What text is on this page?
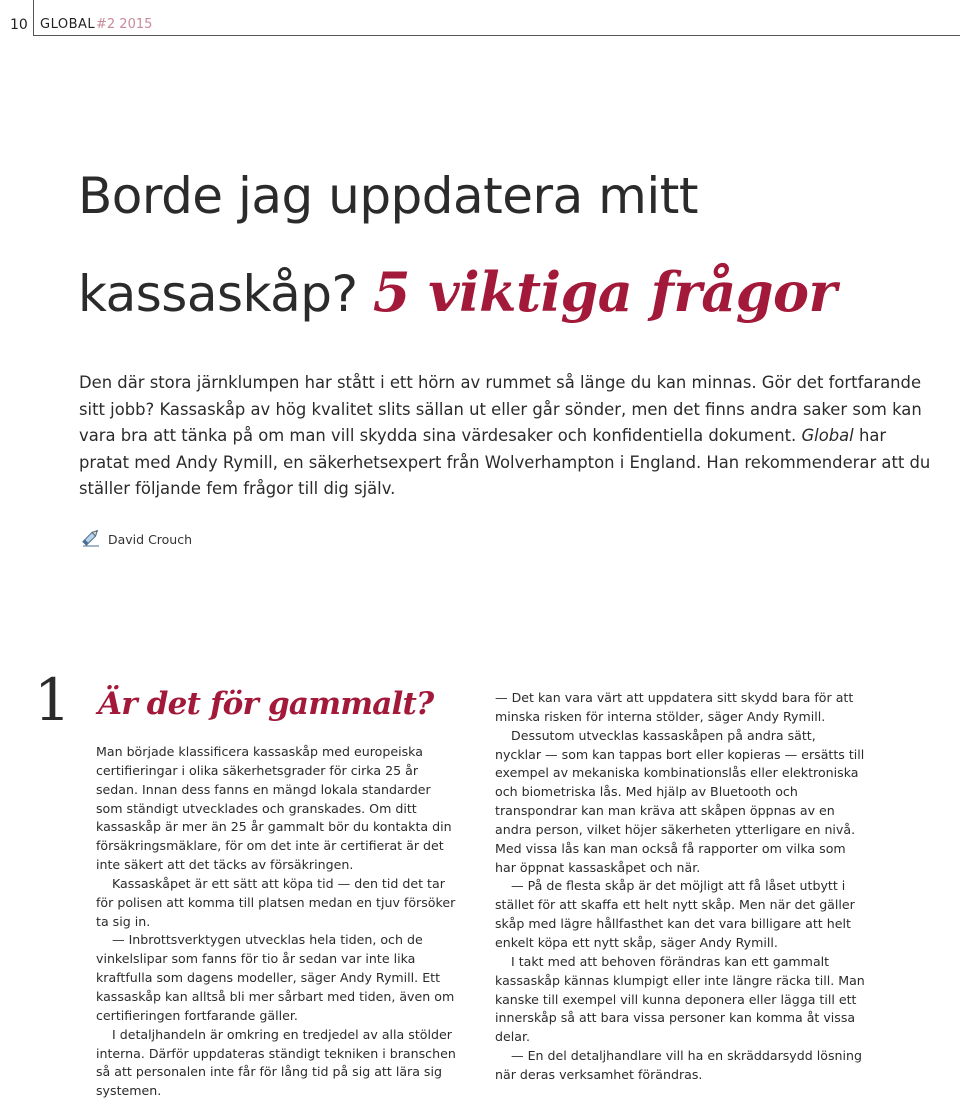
10 GLOBAL #2 2015
Borde jag uppdatera mitt kassaskåp? 5 viktiga frågor

Den där stora järnklumpen har stått i ett hörn av rummet så länge du kan minnas. Gör det fortfarande sitt jobb? Kassaskåp av hög kvalitet slits sällan ut eller går sönder, men det finns andra saker som kan vara bra att tänka på om man vill skydda sina värdesaker och konfidentiella dokument. Global har pratat med Andy Rymill, en säkerhetsexpert från Wolverhampton i England. Han rekommenderar att du ställer följande fem frågor till dig själv.

David Crouch
1 Är det för gammalt?

Man började klassificera kassaskåp med europeiska certifieringar i olika säkerhetsgrader för cirka 25 år sedan. Innan dess fanns en mängd lokala standarder som ständigt utvecklades och granskades. Om ditt kassaskåp är mer än 25 år gammalt bör du kontakta din försäkringsmäklare, för om det inte är certifierat är det inte säkert att det täcks av försäkringen.

Kassaskåpet är ett sätt att köpa tid — den tid det tar för polisen att komma till platsen medan en tjuv försöker ta sig in.

— Inbrottsverktygen utvecklas hela tiden, och de vinkelslipar som fanns för tio år sedan var inte lika kraftfulla som dagens modeller, säger Andy Rymill. Ett kassaskåp kan alltså bli mer sårbart med tiden, även om certifieringen fortfarande gäller.

I detaljhandeln är omkring en tredjedel av alla stölder interna. Därför uppdateras ständigt tekniken i branschen så att personalen inte får för lång tid på sig att lära sig systemen.

— Det kan vara värt att uppdatera sitt skydd bara för att minska risken för interna stölder, säger Andy Rymill.

Dessutom utvecklas kassaskåpen på andra sätt, nycklar — som kan tappas bort eller kopieras — ersätts till exempel av mekaniska kombinationslås eller elektroniska och biometriska lås. Med hjälp av Bluetooth och transpondrar kan man kräva att skåpen öppnas av en andra person, vilket höjer säkerheten ytterligare en nivå. Med vissa lås kan man också få rapporter om vilka som har öppnat kassaskåpet och när.

— På de flesta skåp är det möjligt att få låset utbytt i stället för att skaffa ett helt nytt skåp. Men när det gäller skåp med lägre hållfasthet kan det vara billigare att helt enkelt köpa ett nytt skåp, säger Andy Rymill.

I takt med att behoven förändras kan ett gammalt kassaskåp kännas klumpigt eller inte längre räcka till. Man kanske till exempel vill kunna deponera eller lägga till ett innerskåp så att bara vissa personer kan komma åt vissa delar.

— En del detaljhandlare vill ha en skräddarsydd lösning när deras verksamhet förändras.
